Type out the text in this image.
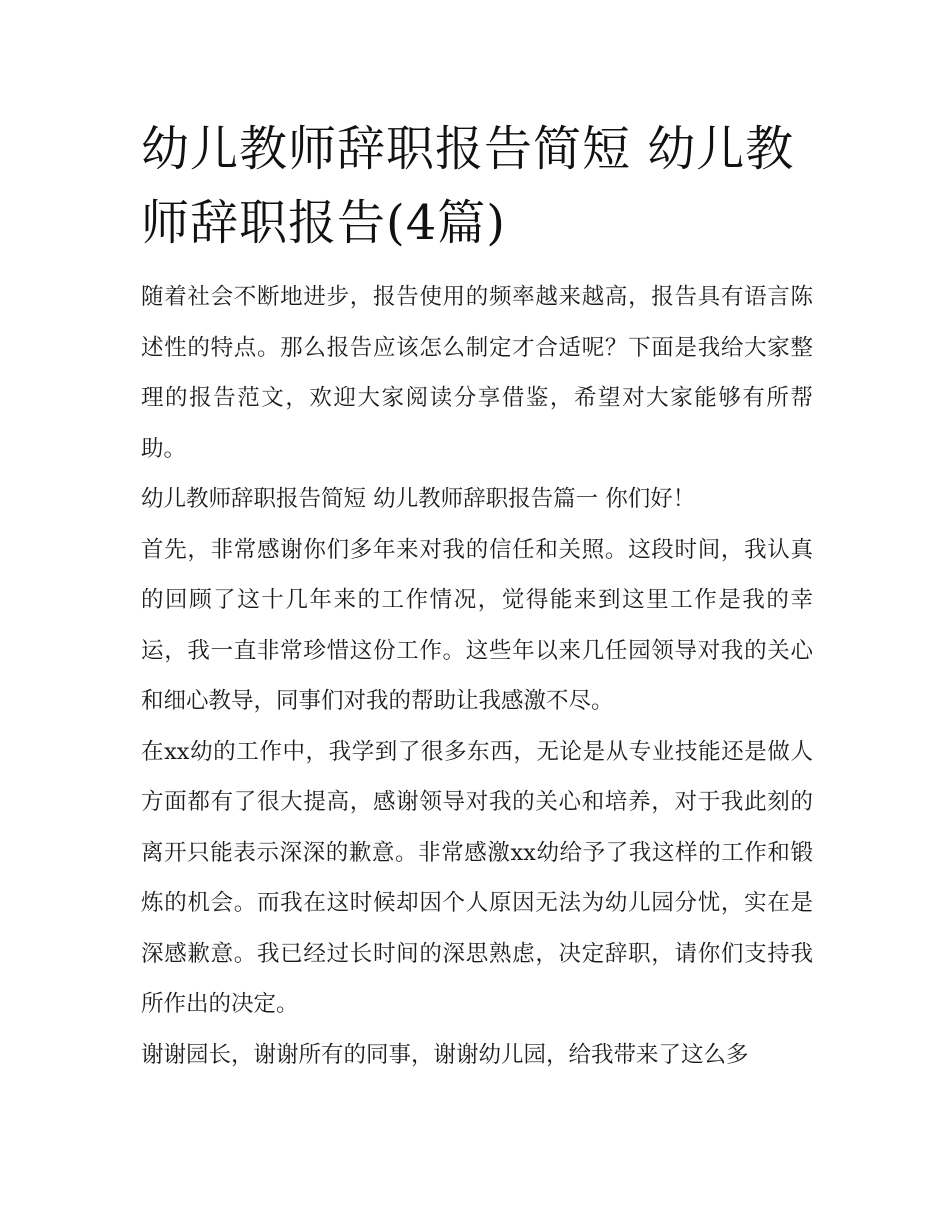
幼儿教师辞职报告简短 幼儿教师辞职报告(4篇)

随着社会不断地进步，报告使用的频率越来越高，报告具有语言陈述性的特点。那么报告应该怎么制定才合适呢？下面是我给大家整理的报告范文，欢迎大家阅读分享借鉴，希望对大家能够有所帮助。

幼儿教师辞职报告简短 幼儿教师辞职报告篇一 你们好！

首先，非常感谢你们多年来对我的信任和关照。这段时间，我认真的回顾了这十几年来的工作情况，觉得能来到这里工作是我的幸运，我一直非常珍惜这份工作。这些年以来几任园领导对我的关心和细心教导，同事们对我的帮助让我感激不尽。

在xx幼的工作中，我学到了很多东西，无论是从专业技能还是做人方面都有了很大提高，感谢领导对我的关心和培养，对于我此刻的离开只能表示深深的歉意。非常感激xx幼给予了我这样的工作和锻炼的机会。而我在这时候却因个人原因无法为幼儿园分忧，实在是深感歉意。我已经过长时间的深思熟虑，决定辞职，请你们支持我所作出的决定。

谢谢园长，谢谢所有的同事，谢谢幼儿园，给我带来了这么多
